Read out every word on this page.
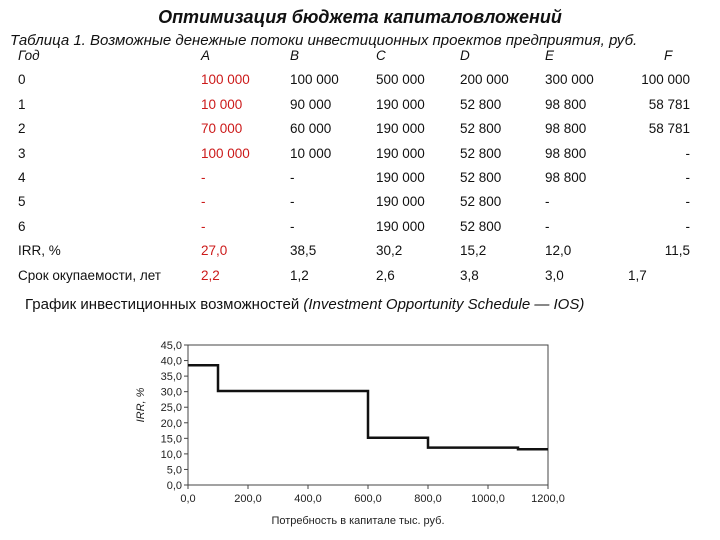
Оптимизация бюджета капиталовложений
Таблица 1. Возможные денежные потоки инвестиционных проектов предприятия, руб.
Год	A	B	C	D	E	F
0	100 000	100 000	500 000	200 000	300 000	100 000
1	10 000	90 000	190 000	52 800	98 800	58 781
2	70 000	60 000	190 000	52 800	98 800	58 781
3	100 000	10 000	190 000	52 800	98 800	-
4	-	-	190 000	52 800	98 800	-
5	-	-	190 000	52 800	-	-
6	-	-	190 000	52 800	-	-
IRR, %	27,0	38,5	30,2	15,2	12,0	11,5
Срок окупаемости, лет	2,2	1,2	2,6	3,8	3,0	1,7
График инвестиционных возможностей (Investment Opportunity Schedule — IOS)
0,0
5,0
10,0
15,0
20,0
25,0
30,0
35,0
40,0
45,0
0,0	200,0	400,0	600,0	800,0	1000,0 1200,0
Потребность в капитале тыс. руб.
IRR, %
